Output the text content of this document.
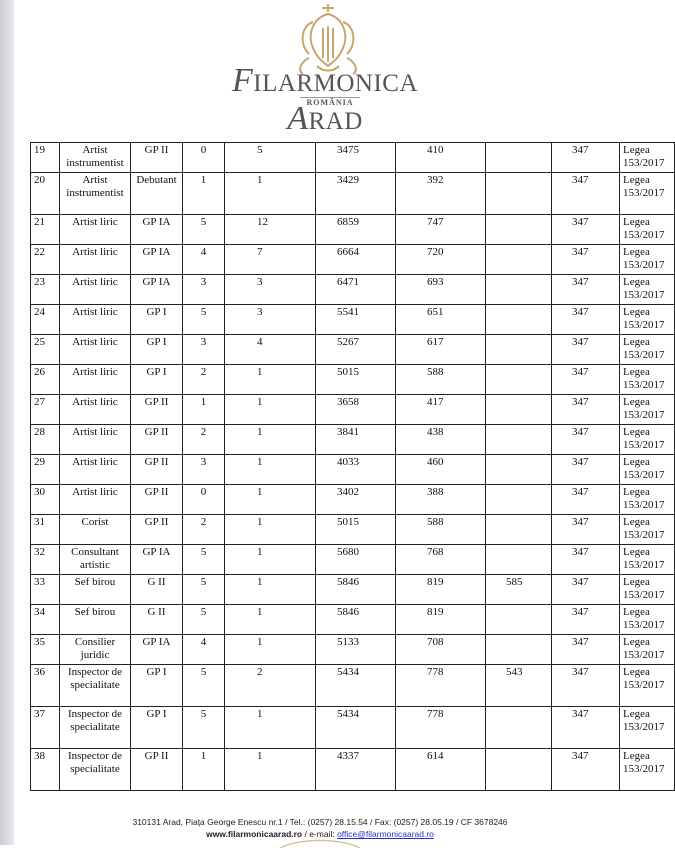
FILARMONICA ARAD
ROMÂNIA
19	Artist instrumentist	GP II	0	5	3475	410		347	Legea 153/2017
20	Artist instrumentist	Debutant	1	1	3429	392		347	Legea 153/2017
21	Artist liric	GP IA	5	12	6859	747		347	Legea 153/2017
22	Artist liric	GP IA	4	7	6664	720		347	Legea 153/2017
23	Artist liric	GP IA	3	3	6471	693		347	Legea 153/2017
24	Artist liric	GP I	5	3	5541	651		347	Legea 153/2017
25	Artist liric	GP I	3	4	5267	617		347	Legea 153/2017
26	Artist liric	GP I	2	1	5015	588		347	Legea 153/2017
27	Artist liric	GP II	1	1	3658	417		347	Legea 153/2017
28	Artist liric	GP II	2	1	3841	438		347	Legea 153/2017
29	Artist liric	GP II	3	1	4033	460		347	Legea 153/2017
30	Artist liric	GP II	0	1	3402	388		347	Legea 153/2017
31	Corist	GP II	2	1	5015	588		347	Legea 153/2017
32	Consultant artistic	GP IA	5	1	5680	768		347	Legea 153/2017
33	Sef birou	G II	5	1	5846	819	585	347	Legea 153/2017
34	Sef birou	G II	5	1	5846	819		347	Legea 153/2017
35	Consilier juridic	GP IA	4	1	5133	708		347	Legea 153/2017
36	Inspector de specialitate	GP I	5	2	5434	778	543	347	Legea 153/2017
37	Inspector de specialitate	GP I	5	1	5434	778		347	Legea 153/2017
38	Inspector de specialitate	GP II	1	1	4337	614		347	Legea 153/2017
310131 Arad, Piața George Enescu nr.1 / Tel.: (0257) 28.15.54 / Fax: (0257) 28.05.19 / CF 3678246
www.filarmonicaarad.ro / e-mail: office@filarmonicaarad.ro
